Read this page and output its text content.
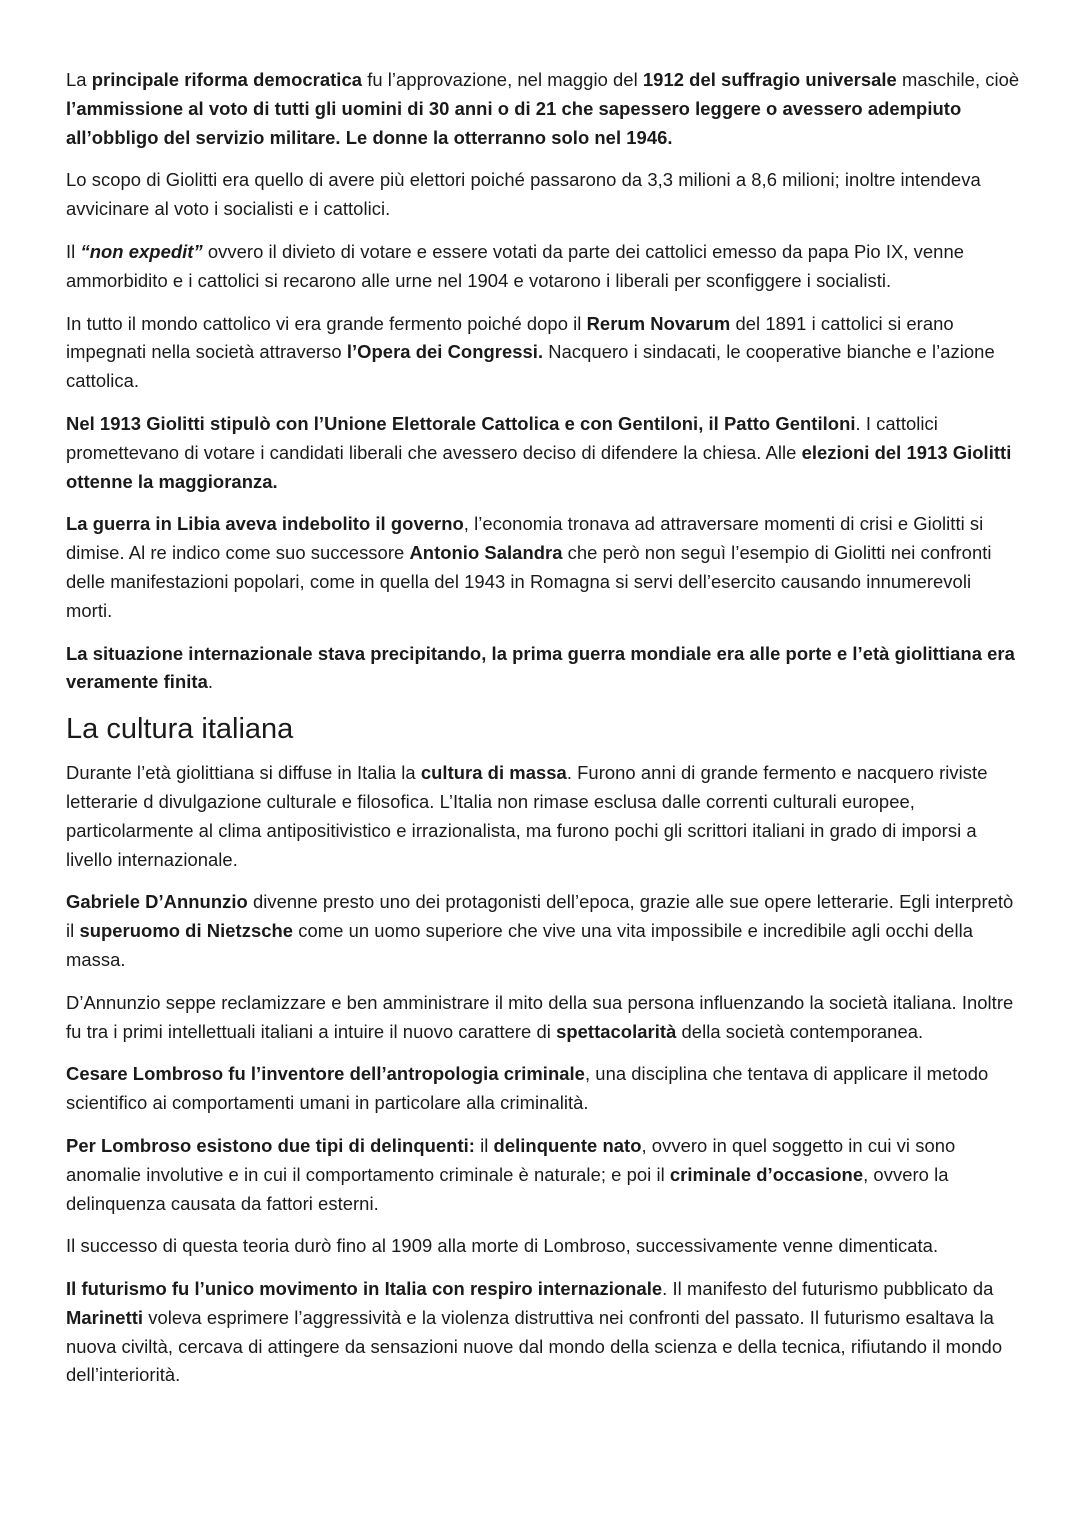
La principale riforma democratica fu l’approvazione, nel maggio del 1912 del suffragio universale maschile, cioè l’ammissione al voto di tutti gli uomini di 30 anni o di 21 che sapessero leggere o avessero adempiuto all’obbligo del servizio militare. Le donne la otterranno solo nel 1946.

Lo scopo di Giolitti era quello di avere più elettori poiché passarono da 3,3 milioni a 8,6 milioni; inoltre intendeva avvicinare al voto i socialisti e i cattolici.

Il “non expedit” ovvero il divieto di votare e essere votati da parte dei cattolici emesso da papa Pio IX, venne ammorbidito e i cattolici si recarono alle urne nel 1904 e votarono i liberali per sconfiggere i socialisti.

In tutto il mondo cattolico vi era grande fermento poiché dopo il Rerum Novarum del 1891 i cattolici si erano impegnati nella società attraverso l’Opera dei Congressi. Nacquero i sindacati, le cooperative bianche e l’azione cattolica.

Nel 1913 Giolitti stipulò con l’Unione Elettorale Cattolica e con Gentiloni, il Patto Gentiloni. I cattolici promettevano di votare i candidati liberali che avessero deciso di difendere la chiesa. Alle elezioni del 1913 Giolitti ottenne la maggioranza.

La guerra in Libia aveva indebolito il governo, l’economia tronava ad attraversare momenti di crisi e Giolitti si dimise. Al re indico come suo successore Antonio Salandra che però non seguì l’esempio di Giolitti nei confronti delle manifestazioni popolari, come in quella del 1943 in Romagna si servi dell’esercito causando innumerevoli morti.

La situazione internazionale stava precipitando, la prima guerra mondiale era alle porte e l’età giolittiana era veramente finita.

La cultura italiana

Durante l’età giolittiana si diffuse in Italia la cultura di massa. Furono anni di grande fermento e nacquero riviste letterarie d divulgazione culturale e filosofica. L’Italia non rimase esclusa dalle correnti culturali europee, particolarmente al clima antipositivistico e irrazionalista, ma furono pochi gli scrittori italiani in grado di imporsi a livello internazionale.

Gabriele D’Annunzio divenne presto uno dei protagonisti dell’epoca, grazie alle sue opere letterarie. Egli interpretò il superuomo di Nietzsche come un uomo superiore che vive una vita impossibile e incredibile agli occhi della massa.

D’Annunzio seppe reclamizzare e ben amministrare il mito della sua persona influenzando la società italiana. Inoltre fu tra i primi intellettuali italiani a intuire il nuovo carattere di spettacolarità della società contemporanea.

Cesare Lombroso fu l’inventore dell’antropologia criminale, una disciplina che tentava di applicare il metodo scientifico ai comportamenti umani in particolare alla criminalità.

Per Lombroso esistono due tipi di delinquenti: il delinquente nato, ovvero in quel soggetto in cui vi sono anomalie involutive e in cui il comportamento criminale è naturale; e poi il criminale d’occasione, ovvero la delinquenza causata da fattori esterni.

Il successo di questa teoria durò fino al 1909 alla morte di Lombroso, successivamente venne dimenticata.

Il futurismo fu l’unico movimento in Italia con respiro internazionale. Il manifesto del futurismo pubblicato da Marinetti voleva esprimere l’aggressività e la violenza distruttiva nei confronti del passato. Il futurismo esaltava la nuova civiltà, cercava di attingere da sensazioni nuove dal mondo della scienza e della tecnica, rifiutando il mondo dell’interiorità.
